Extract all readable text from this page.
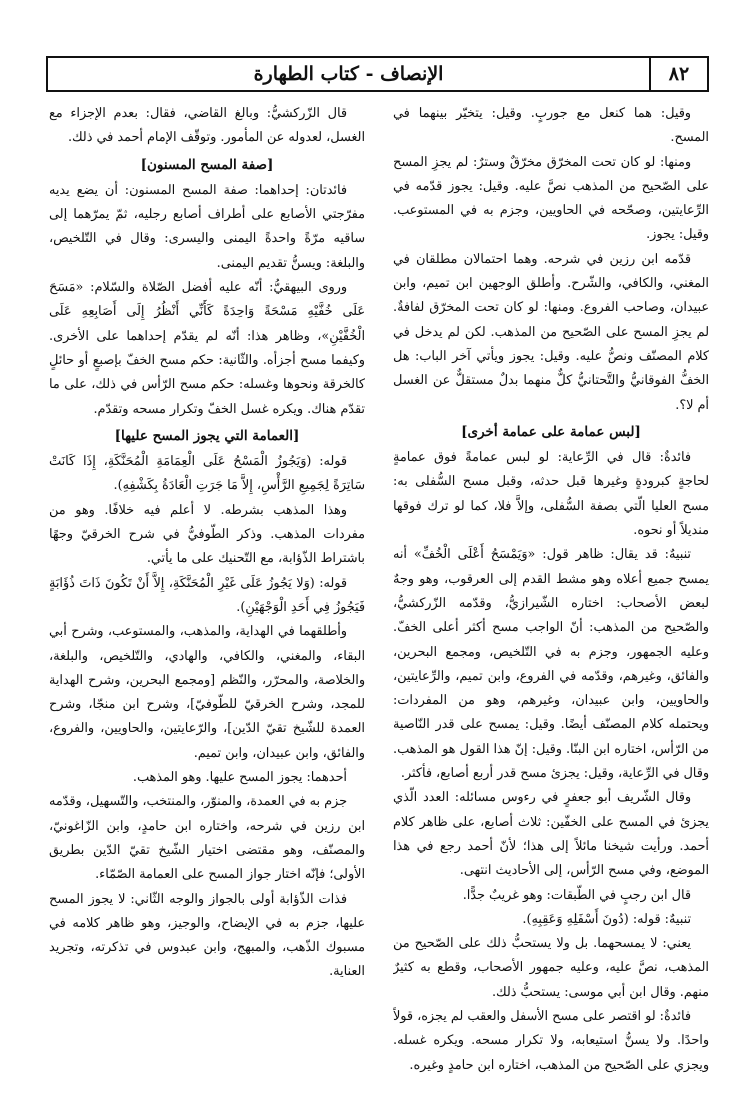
الإنصاف - كتاب الطهارة	٨٢

وقيل: هما كنعل مع جوربٍ. وقيل: يتخيّر بينهما في المسح.

ومنها: لو كان تحت المخرّق مخرّقٌ وسترٌ: لم يجزِ المسح على الصّحيح من المذهب نصَّ عليه. وقيل: يجوز قدّمه في الرِّعايتين، وصحّحه في الحاويين، وجزم به في المستوعب. وقيل: يجوز.

قدّمه ابن رزين في شرحه. وهما احتمالان مطلقان في المغني، والكافي، والشّرح. وأطلق الوجهين ابن تميم، وابن عبيدان، وصاحب الفروع. ومنها: لو كان تحت المخرّق لفافةٌ. لم يجزِ المسح على الصّحيح من المذهب. لكن لم يدخل في كلام المصنّف ونصُّ عليه. وقيل: يجوز ويأتي آخر الباب: هل الخفُّ الفوقانيُّ والتَّحتانيُّ كلٌّ منهما بدلٌ مستقلٌّ عن الغسل أم لا؟.

[لبس عمامة على عمامة أخرى]

فائدةٌ: قال في الرِّعاية: لو لبس عمامةً فوق عمامةٍ لحاجةٍ كبرودةٍ وغيرها قبل حدثه، وقبل مسح السُّفلى به: مسح العليا الّتي بصفة السُّفلى، وإلاَّ فلا، كما لو ترك فوقها منديلاً أو نحوه.

تنبيهٌ: قد يقال: ظاهر قول: «وَيَمْسَحُ أَعْلَى الْخُفِّ» أنه يمسح جميع أعلاه وهو مشط القدم إلى العرقوب، وهو وجهٌ لبعض الأصحاب: اختاره الشّيرازيُّ، وقدّمه الزّركشيُّ، والصّحيح من المذهب: أنّ الواجب مسح أكثر أعلى الخفّ. وعليه الجمهور، وجزم به في التّلخيص، ومجمع البحرين، والفائق، وغيرهم، وقدّمه في الفروع، وابن تميم، والرِّعايتين، والحاويين، وابن عبيدان، وغيرهم، وهو من المفردات: ويحتمله كلام المصنّف أيضًا. وقيل: يمسح على قدر النّاصية من الرّأس، اختاره ابن البنّا. وقيل: إنّ هذا القول هو المذهب. وقال في الرِّعاية، وقيل: يجزئ مسح قدر أربع أصابع، فأكثر.

وقال الشّريف أبو جعفرٍ في رءوس مسائله: العدد الّذي يجزئ في المسح على الخفّين: ثلاث أصابع، على ظاهر كلام أحمد. ورأيت شيخنا مائلاً إلى هذا؛ لأنّ أحمد رجع في هذا الموضع، وفي مسح الرّأس، إلى الأحاديث انتهى.

قال ابن رجبٍ في الطّبقات: وهو غريبٌ جدًّا.

تنبيهٌ: قوله: (دُونَ أَسْفَلِهِ وَعَقِبِهِ).

يعني: لا يمسحهما. بل ولا يستحبُّ ذلك على الصّحيح من المذهب، نصَّ عليه، وعليه جمهور الأصحاب، وقطع به كثيرٌ منهم. وقال ابن أبي موسى: يستحبُّ ذلك.

فائدةٌ: لو اقتصر على مسح الأسفل والعقب لم يجزه، قولاً واحدًا. ولا يسنُّ استيعابه، ولا تكرار مسحه. ويكره غسله. ويجزي على الصّحيح من المذهب، اختاره ابن حامدٍ وغيره.

قال الزّركشيُّ: وبالغ القاضي، فقال: بعدم الإجزاء مع الغسل، لعدوله عن المأمور. وتوقّف الإمام أحمد في ذلك.

[صفة المسح المسنون]

فائدتان: إحداهما: صفة المسح المسنون: أن يضع يديه مفرّجتي الأصابع على أطراف أصابع رجليه، ثمّ يمرّهما إلى ساقيه مرّةً واحدةً اليمنى واليسرى: وقال في التّلخيص، والبلغة: ويسنُّ تقديم اليمنى.

وروى البيهقيُّ: أنّه عليه أفضل الصّلاة والسّلام: «مَسَحَ عَلَى خُفَّيْهِ مَسْحَةً وَاحِدَةً كَأَنِّي أَنْظُرُ إِلَى أَصَابِعِهِ عَلَى الْخُفَّيْنِ»، وظاهر هذا: أنّه لم يقدّم إحداهما على الأخرى. وكيفما مسح أجزأه. والثّانية: حكم مسح الخفّ بإصبعٍ أو حائلٍ كالخرقة ونحوها وغسله: حكم مسح الرّأس في ذلك، على ما تقدّم هناك. ويكره غسل الخفّ وتكرار مسحه وتقدّم.

[العمامة التي يجوز المسح عليها]

قوله: (وَيَجُوزُ الْمَسْحُ عَلَى الْعِمَامَةِ الْمُحَنَّكَةِ، إِذَا كَانَتْ سَاتِرَةً لِجَمِيعِ الرَّأْسِ، إِلاَّ مَا جَرَتِ الْعَادَةُ بِكَشْفِهِ).

وهذا المذهب بشرطه. لا أعلم فيه خلافًا. وهو من مفردات المذهب. وذكر الطّوفيُّ في شرح الخرقيّ وجهًا باشتراط الذّؤابة، مع التّحنيك على ما يأتي.

قوله: (وَلا يَجُوزُ عَلَى غَيْرِ الْمُحَنَّكَةِ، إِلاَّ أَنْ تَكُونَ ذَاتَ ذُؤَابَةٍ فَيَجُوزُ فِي أَحَدِ الْوَجْهَيْنِ).

وأطلقهما في الهداية، والمذهب، والمستوعب، وشرح أبي البقاء، والمغني، والكافي، والهادي، والتّلخيص، والبلغة، والخلاصة، والمحرّر، والنّظم [ومجمع البحرين، وشرح الهداية للمجد، وشرح الخرقيّ للطّوفيّ]، وشرح ابن منجّا، وشرح العمدة للشّيخ تقيّ الدّين]، والرّعايتين، والحاويين، والفروع، والفائق، وابن عبيدان، وابن تميم.

أحدهما: يجوز المسح عليها. وهو المذهب.

جزم به في العمدة، والمنوّر، والمنتخب، والتّسهيل، وقدّمه ابن رزين في شرحه، واختاره ابن حامدٍ، وابن الزّاغونيّ، والمصنّف، وهو مقتضى اختيار الشّيخ تقيّ الدّين بطريق الأولى؛ فإنّه اختار جواز المسح على العمامة الصّمّاء.

فذات الذّؤابة أولى بالجواز والوجه الثّاني: لا يجوز المسح عليها، جزم به في الإيضاح، والوجيز، وهو ظاهر كلامه في مسبوك الذّهب، والمبهج، وابن عبدوس في تذكرته، وتجريد العناية.
